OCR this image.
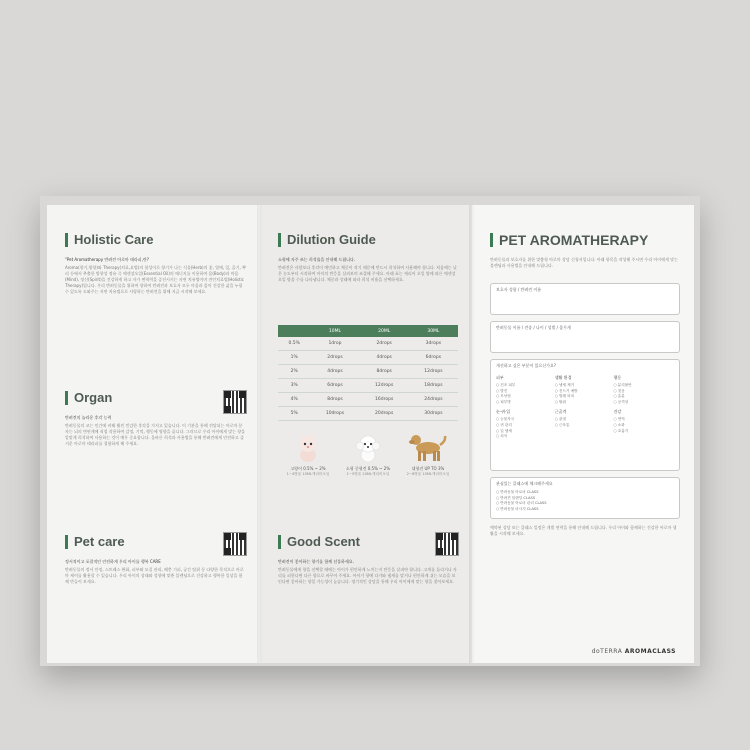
Holistic Care

"Pet Aromatherapy 반려견 아로마 테라피,란?

Aroma(향기,방향)와 Therapy(치료,요법)의 합성어로 향기가 나는 식물(Herb)의 꽃, 열매, 잎, 줄기, 뿌리 등에서 추출한 방향성 정유 즉 에센셜오일(Essential Oil)의 에너지를 이용하여 몸(Body)과 마음(Mind), 정신(Spirit)을 건강하게 하고 자가 면역력을 증진시키는 자연 치유법이며 전인치료법(Holistic Therapy)입니다. 우리 반려동물을 위하여 향하여 반려견과 보호자 모두 마음과 몸이 건강한 삶을 누릴 수 있도록 도와주는 자연 치유법으로 사랑하는 반려견을 위해 지금 시작해 보세요.

Organ

반려견의 놀라운 후각 능력

반려동물의 코는 인간에 비해 훨씬 민감한 후각을 가지고 있습니다. 이 기관을 통해 전달되는 아로마 분자는 뇌의 변연계에 직접 작용하여 감정, 기억, 행동에 영향을 줍니다. 그러므로 우리 아이에게 맞는 향을 알맞게 희석하여 사용하는 것이 매우 중요합니다. 올바른 희석과 사용법을 통해 반려견에게 안전하고 즐거운 아로마 테라피를 경험하게 해 주세요.

Pet care

정서적이고 포괄적인 안전하게 우리 아이를 행복 CARE

반려동물의 정서 안정, 스트레스 완화, 피부와 모질 관리, 해충 기피, 공간 탈취 등 다양한 목적으로 아로마 케어를 활용할 수 있습니다. 우리 아이의 상태와 성향에 맞춘 블렌딩으로 건강하고 행복한 일상을 함께 만들어 보세요.

Dilution Guide

소형에 자주 쓰는 희석률을 안내해 드립니다.

반려견은 사람보다 후각이 예민하고 체중이 작기 때문에 반드시 희석하여 사용해야 합니다. 처음에는 낮은 농도부터 시작하여 아이의 반응을 살펴보며 조절해 주세요. 아래 표는 캐리어 오일 양에 따른 에센셜 오일 방울 수를 나타냅니다. 체중과 상태에 따라 희석 비율을 선택하세요.

	10ML	20ML	30ML
0.5%	1drop	2drops	3drops
1%	2drops	4drops	6drops
2%	4drops	8drops	12drops
3%	6drops	12drops	18drops
4%	8drops	16drops	24drops
5%	10drops	20drops	30drops
고양이 0.5% ~ 2%
1~4방울 10ML캐리어오일
소형 중형견 0.5% ~ 2%
1~5방울 10ML캐리어오일
대형견 UP TO 3%
2~6방울 10ML캐리어오일
Good Scent

반려견이 좋아하는 향기를 함께 선물하세요.

반려동물에게 향을 선택할 때에는 아이가 편안하게 느끼는지 반응을 살펴야 합니다. 고개를 돌리거나 자리를 피한다면 다른 향으로 바꾸어 주세요. 아이가 향에 다가와 냄새를 맡거나 편안하게 쉬는 모습을 보인다면 좋아하는 향일 가능성이 높습니다. 정기적인 상담을 통해 우리 아이에게 맞는 향을 찾아보세요.

PET AROMATHERAPY

반려동물과 보호자를 위한 맞춤형 아로마 상담 신청서입니다. 아래 항목을 작성해 주시면 우리 아이에게 맞는 블렌딩과 사용법을 안내해 드립니다.

보호자 성함 / 반려견 이름
반려동물 이름 / 견종 / 나이 / 성별 / 몸무게
개선하고 싶은 부분이 있으신가요?
피부
○ 건조 피부
○ 발진
○ 모낭염
○ 피부병
생활 환경
○ 냄새 제거
○ 진드기 예방
○ 벌레 퇴치
○ 탈취
행동
○ 분리불안
○ 짖음
○ 흥분
○ 공격성
눈·귀·입
○ 눈물자국
○ 귀 관리
○ 입 냄새
○ 치석
근골격
○ 관절
○ 근육통
건강
○ 면역
○ 소화
○ 호흡기
관심있는 클래스에 체크해주세요
○ 반려동물 아로마 CLASS
○ 반려견 블렌딩 CLASS
○ 반려동물 아로마 관리 CLASS
○ 반려동물 마사지 CLASS

예약된 상담 또는 클래스 일정은 개별 연락을 통해 안내해 드립니다. 우리 아이와 함께하는 건강한 아로마 생활을 시작해 보세요.

doTERRA AROMACLASS
